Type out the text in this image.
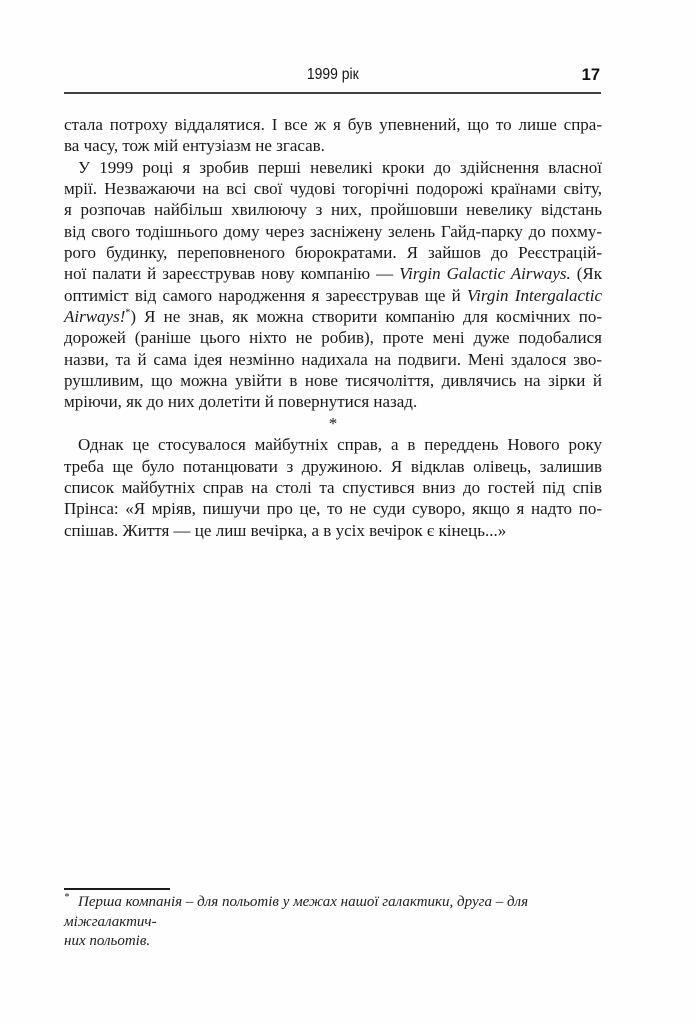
1999 рік	17
стала потроху віддалятися. І все ж я був упевнений, що то лише спра-
ва часу, тож мій ентузіазм не згасав.
У 1999 році я зробив перші невеликі кроки до здійснення власної
мрії. Незважаючи на всі свої чудові тогорічні подорожі країнами світу,
я розпочав найбільш хвилюючу з них, пройшовши невелику відстань
від свого тодішнього дому через засніжену зелень Гайд-парку до похму-
рого будинку, переповненого бюрократами. Я зайшов до Реєстрацій-
ної палати й зареєстрував нову компанію — Virgin Galactic Airways. (Як
оптиміст від самого народження я зареєстрував ще й Virgin Intergalactic
Airways!*) Я не знав, як можна створити компанію для космічних по-
дорожей (раніше цього ніхто не робив), проте мені дуже подобалися
назви, та й сама ідея незмінно надихала на подвиги. Мені здалося зво-
рушливим, що можна увійти в нове тисячоліття, дивлячись на зірки й
мріючи, як до них долетіти й повернутися назад.
*
Однак це стосувалося майбутніх справ, а в переддень Нового року
треба ще було потанцювати з дружиною. Я відклав олівець, залишив
список майбутніх справ на столі та спустився вниз до гостей під спів
Прінса: «Я мріяв, пишучи про це, то не суди суворо, якщо я надто по-
спішав. Життя — це лиш вечірка, а в усіх вечірок є кінець...»
* Перша компанія – для польотів у межах нашої галактики, друга – для міжгалактич-
них польотів.
